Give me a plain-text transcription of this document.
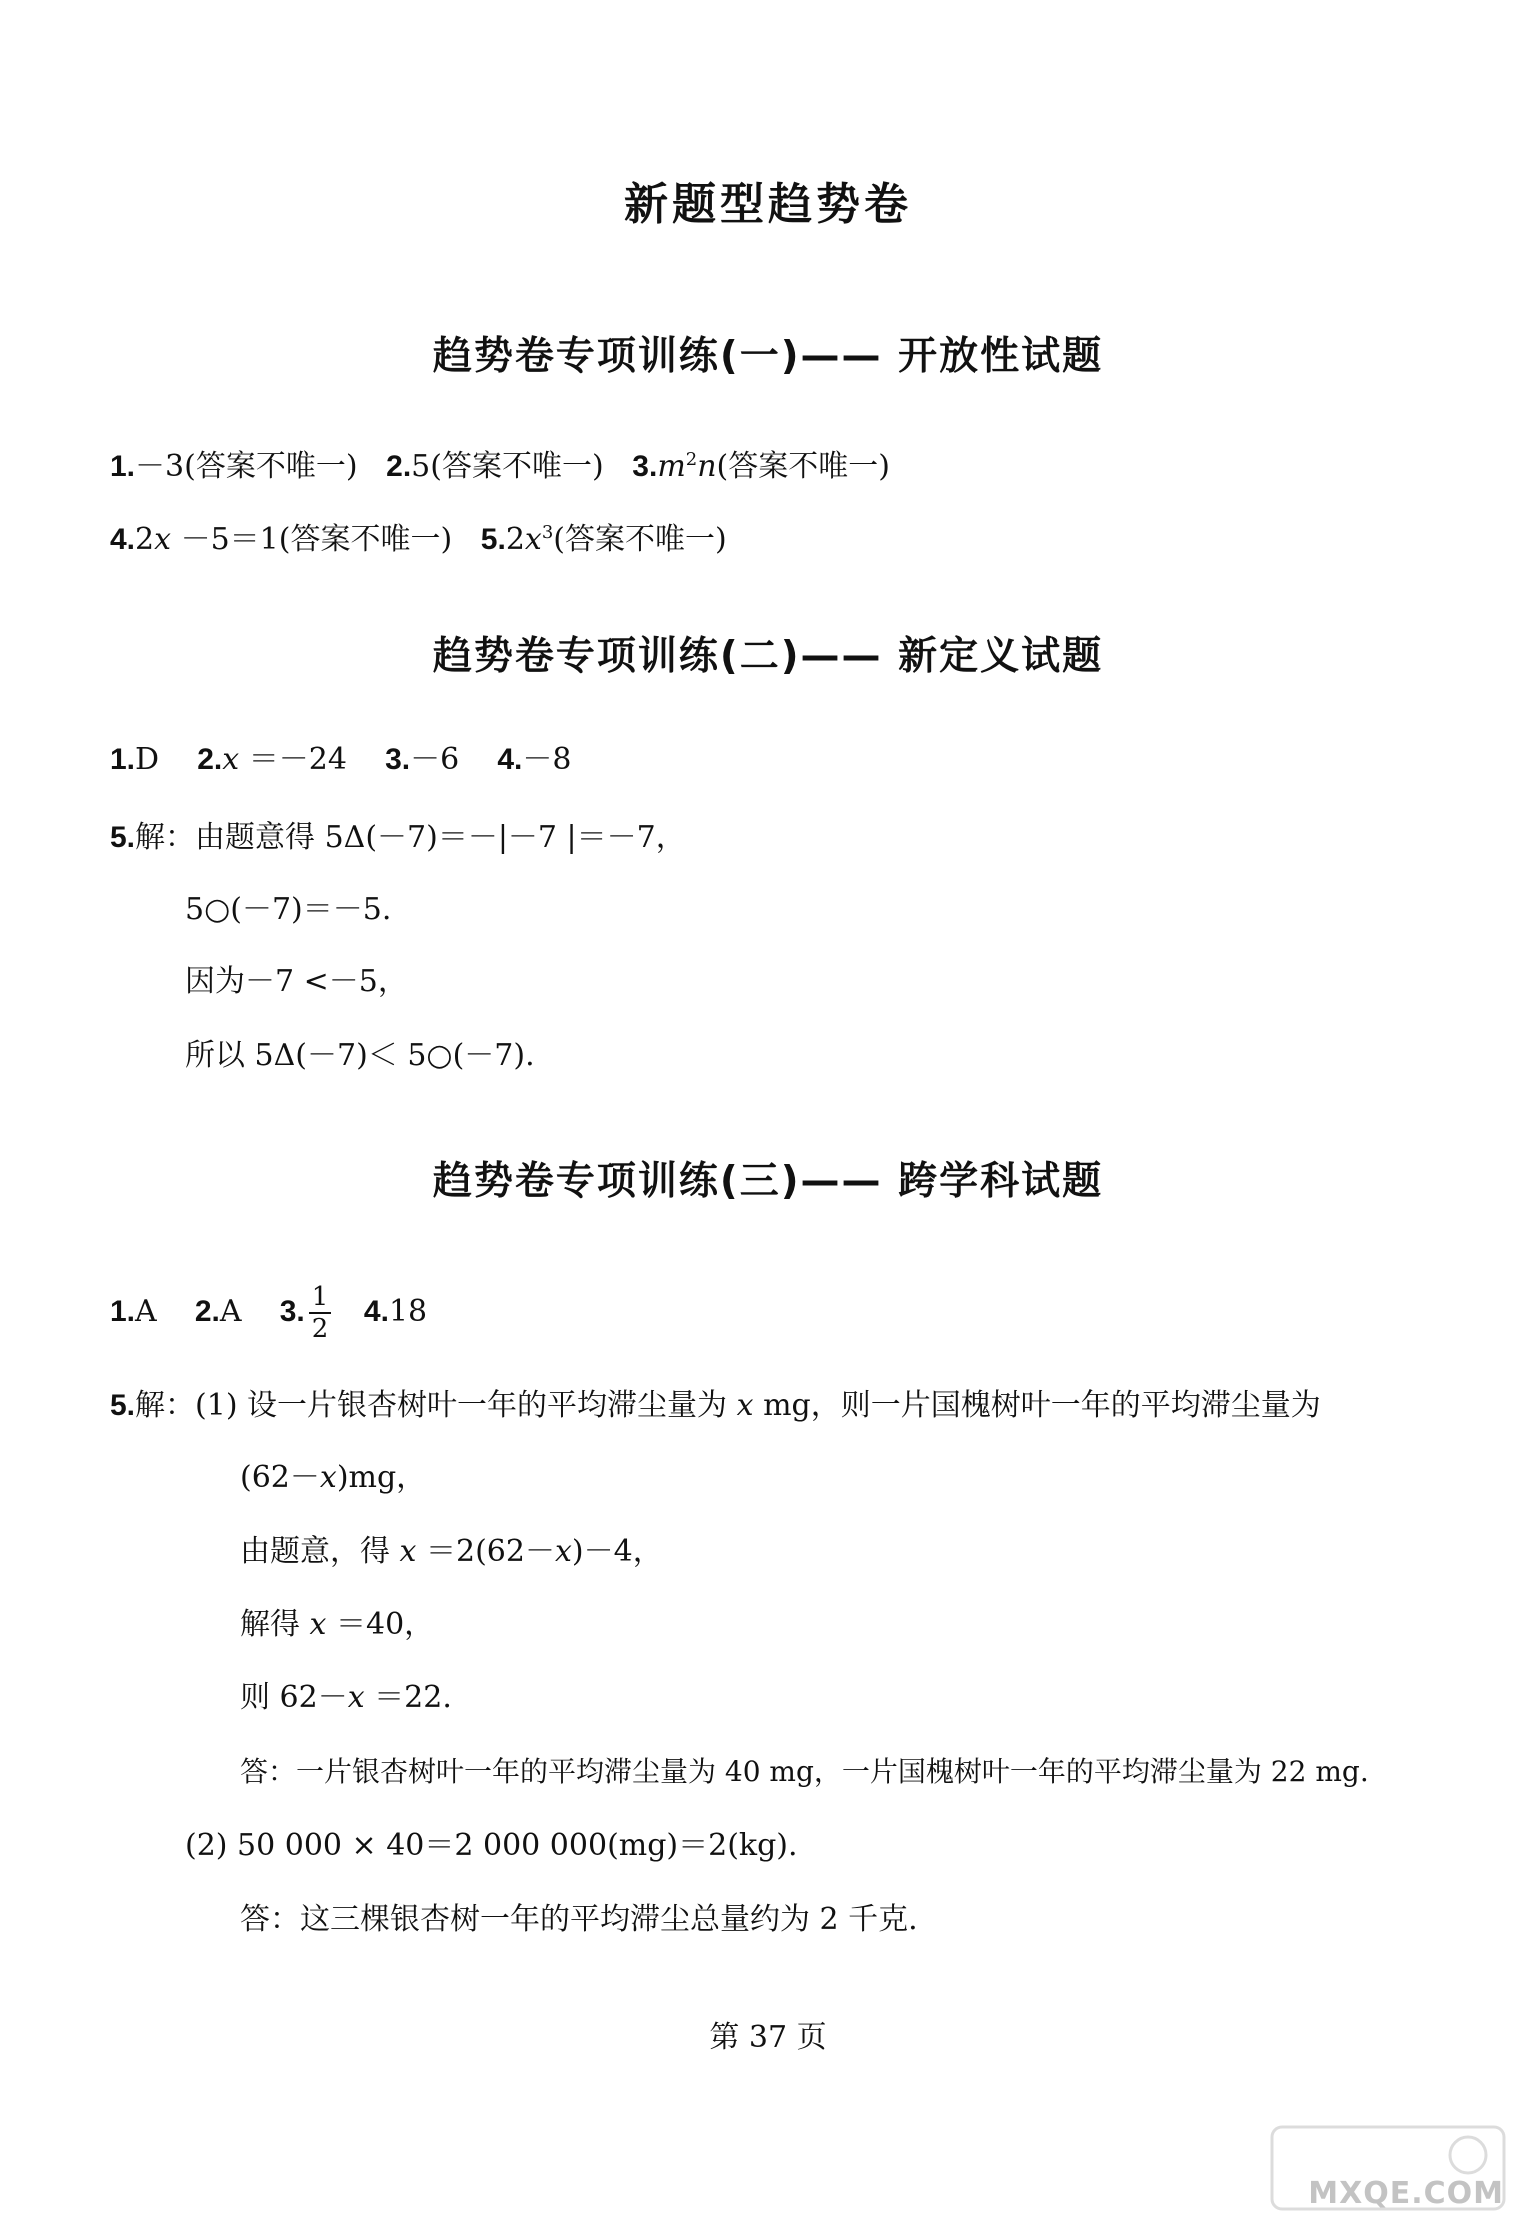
新题型趋势卷
趋势卷专项训练(一)—— 开放性试题
1.－3(答案不唯一) 2.5(答案不唯一) $3.m^2n$(答案不唯一)
4.2x －5＝1(答案不唯一) $5.2x^3$(答案不唯一)
趋势卷专项训练(二)—— 新定义试题
1.D 2.x ＝－24 3.－6 4.－8
5.解：由题意得 5Δ(－7)＝－|－7 |＝－7，
5○(－7)＝－5.
因为－7 <－5，
所以 5Δ(－7)＜ 5○(－7).
趋势卷专项训练(三)—— 跨学科试题
1.A 2.A 3. $\frac{1}{2} 4.18$
5.解：(1) 设一片银杏树叶一年的平均滞尘量为 x mg，则一片国槐树叶一年的平均滞尘量为
(62－x)mg，
由题意，得 x ＝2(62－x)－4，
解得 x ＝40，
则 62－x ＝22.
答：一片银杏树叶一年的平均滞尘量为 40 mg，一片国槐树叶一年的平均滞尘量为 22 mg.
(2) 50 000 × 40＝2 000 000(mg)＝2(kg).
答：这三棵银杏树一年的平均滞尘总量约为 2 千克.
第 37 页
MXQE.COM
